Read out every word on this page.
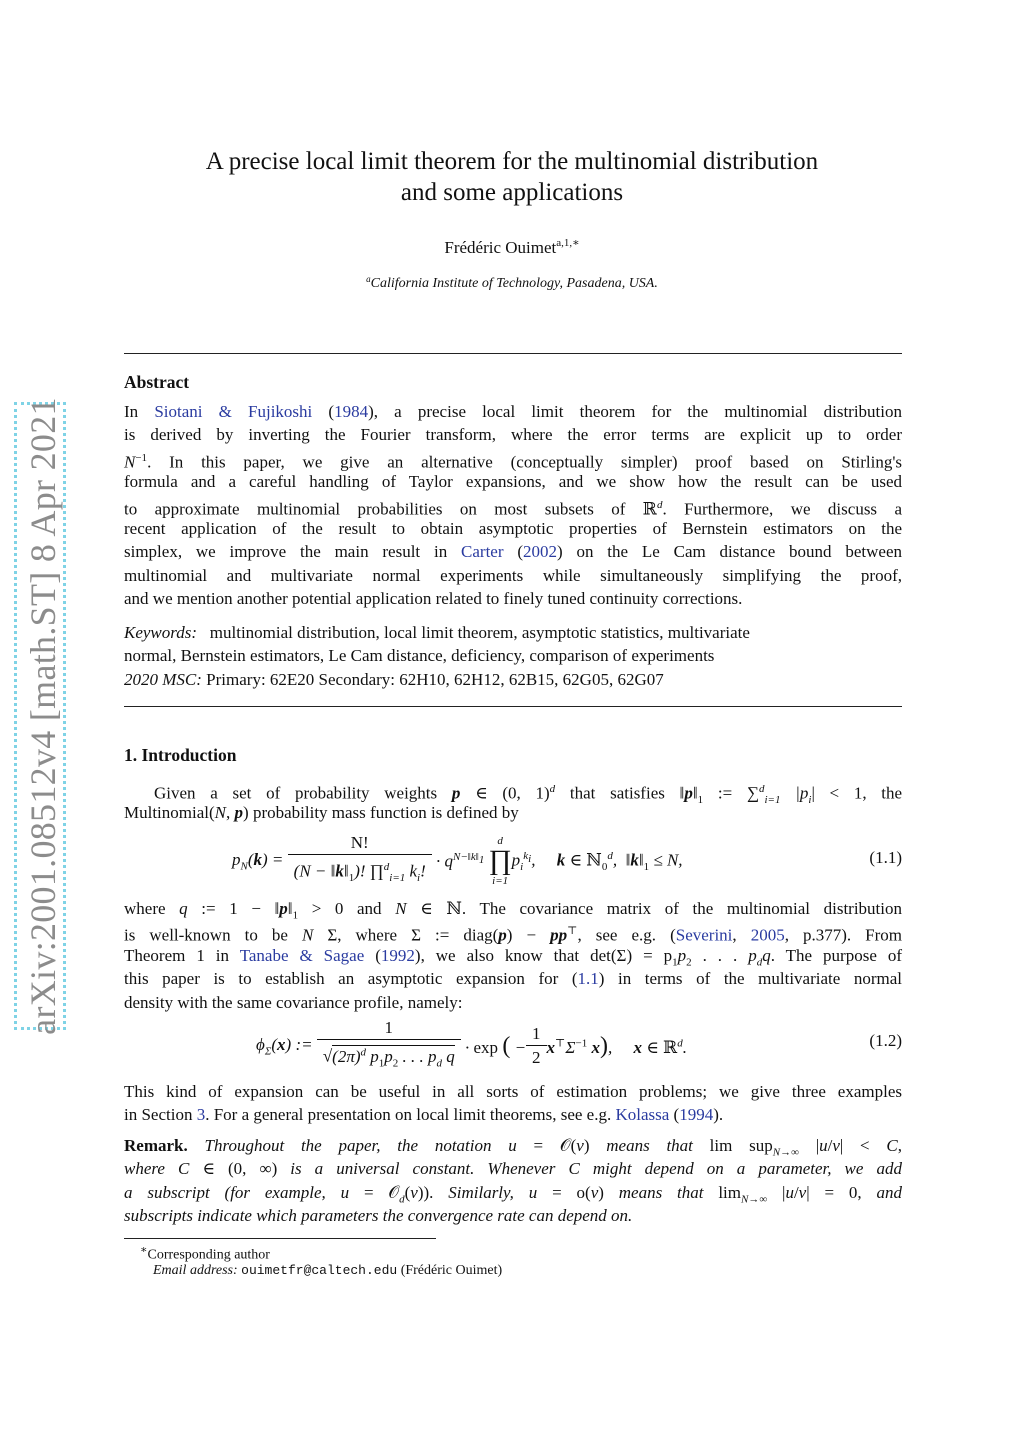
arXiv:2001.08512v4 [math.ST] 8 Apr 2021
A precise local limit theorem for the multinomial distribution
and some applications
Frédéric Ouimet$^{a,1,∗}$
$^a$California Institute of Technology, Pasadena, USA.
Abstract
In Siotani & Fujikoshi (1984), a precise local limit theorem for the multinomial distribution
is derived by inverting the Fourier transform, where the error terms are explicit up to order
$N^{-1}$. In this paper, we give an alternative (conceptually simpler) proof based on Stirling's
formula and a careful handling of Taylor expansions, and we show how the result can be used
to approximate multinomial probabilities on most subsets of ℝ$^d$. Furthermore, we discuss a
recent application of the result to obtain asymptotic properties of Bernstein estimators on the
simplex, we improve the main result in Carter (2002) on the Le Cam distance bound between
multinomial and multivariate normal experiments while simultaneously simplifying the proof,
and we mention another potential application related to finely tuned continuity corrections.
Keywords: multinomial distribution, local limit theorem, asymptotic statistics, multivariate
normal, Bernstein estimators, Le Cam distance, deficiency, comparison of experiments
2020 MSC: Primary: 62E20 Secondary: 62H10, 62H12, 62B15, 62G05, 62G07
1. Introduction
Given a set of probability weights p ∈ (0, 1)$^d$ that satisfies $‖p‖_1$ := ∑$^d_{i=1}$ $|p_i| < 1$, the
Multinomial(N, p) probability mass function is defined by
$p_N(k) = \frac{N!}{(N - ‖k‖_1)! \prod^d_{i=1} k_i!} \cdot q^{N-‖k‖_1}$ d
∏
$i=1p_i^{k_i}$,     k ∈ ℕ$_0^d$,  $‖k‖_1 \le N$,	(1.1)
where q := $1 - ‖p‖_1 > 0$ and N ∈ ℕ. The covariance matrix of the multinomial distribution
is well-known to be N Σ, where Σ := diag(p) − pp⊤, see e.g. (Severini, 2005, p.377). From
Theorem 1 in Tanabe & Sagae (1992), we also know that $\det(\Sigma) = p_1p_2$ . . . $p_dq$. The purpose of
this paper is to establish an asymptotic expansion for (1.1) in terms of the multivariate normal
density with the same covariance profile, namely:
$\phi_\Sigma(x)$ := $\frac{1}{√(2\pi)^d p_1p_2 . . . p_d q} \cdot \exp$ ( − $\frac{1}{2} x^⊤\Sigma^{-1}$ x),     x ∈ ℝ$^d$.	(1.2)
This kind of expansion can be useful in all sorts of estimation problems; we give three examples
in Section 3. For a general presentation on local limit theorems, see e.g. Kolassa (1994).
Remark. Throughout the paper, the notation u = 𝒪(v) means that lim sup$_{N\to\infty}$ |u/v| < C,
where C ∈ (0, ∞) is a universal constant. Whenever C might depend on a parameter, we add
a subscript (for example, u = 𝒪$_d$(v)). Similarly, u = o(v) means that $\lim_{N\to\infty} |u/v| = 0$, and
subscripts indicate which parameters the convergence rate can depend on.
∗Corresponding author
Email address: ouimetfr@caltech.edu (Frédéric Ouimet)
